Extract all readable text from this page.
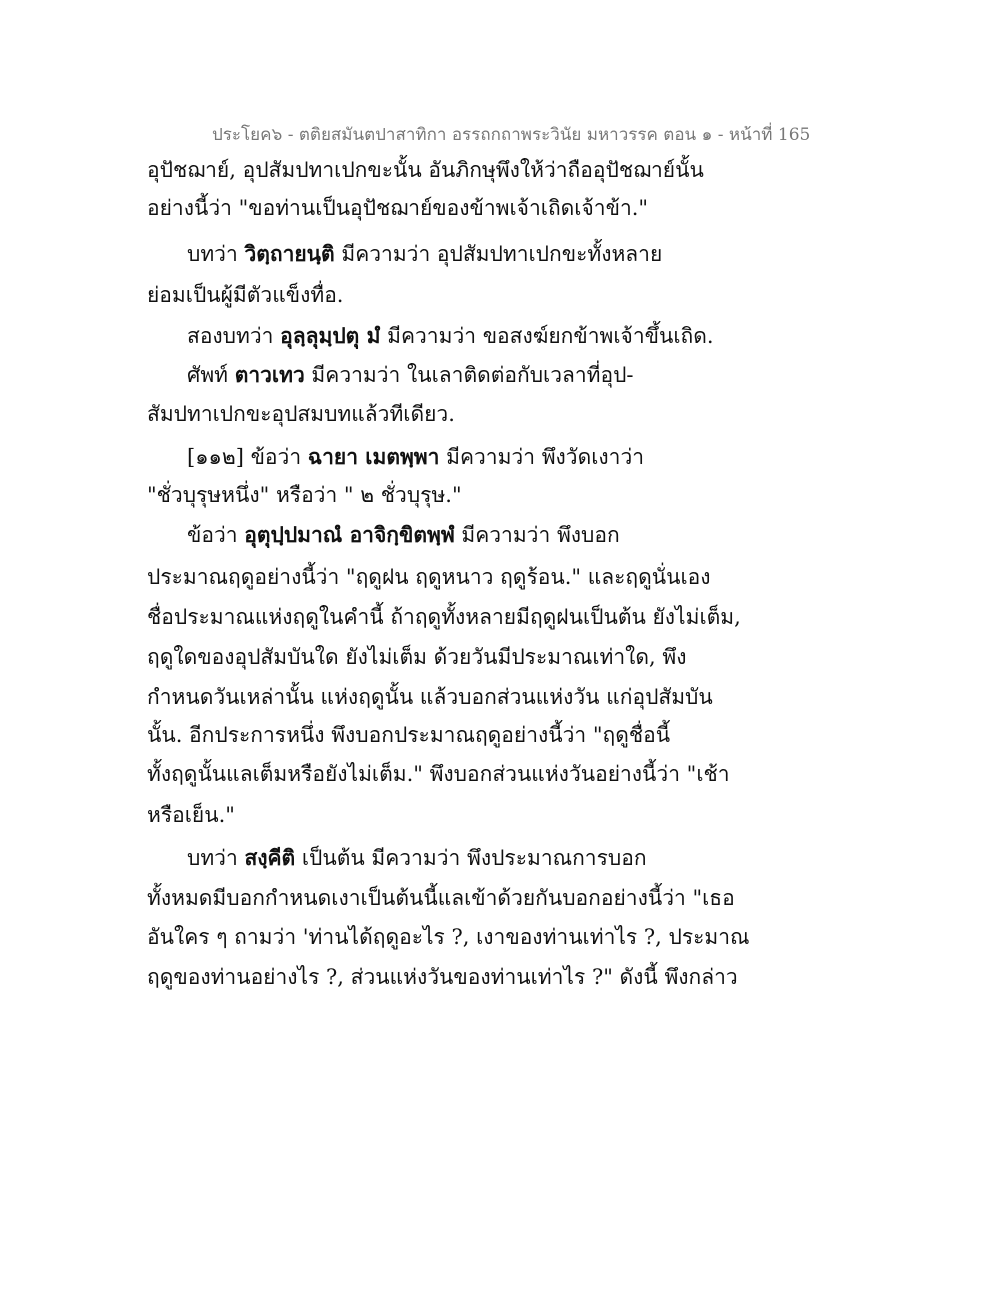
ประโยค๖ - ตติยสมันตปาสาทิกา อรรถกถาพระวินัย มหาวรรค ตอน ๑ - หน้าที่ 165
อุปัชฌาย์, อุปสัมปทาเปกขะนั้น อันภิกษุพึงให้ว่าถืออุปัชฌาย์นั้น
อย่างนี้ว่า "ขอท่านเป็นอุปัชฌาย์ของข้าพเจ้าเถิดเจ้าข้า."
บทว่า วิตฺถายนฺติ มีความว่า อุปสัมปทาเปกขะทั้งหลาย
ย่อมเป็นผู้มีตัวแข็งทื่อ.
สองบทว่า อุลฺลุมฺปตุ มํ มีความว่า ขอสงฆ์ยกข้าพเจ้าขึ้นเถิด.
ศัพท์ ตาวเทว มีความว่า ในเลาติดต่อกับเวลาที่อุป-
สัมปทาเปกขะอุปสมบทแล้วทีเดียว.
[๑๑๒] ข้อว่า ฉายา เมตพฺพา มีความว่า พึงวัดเงาว่า
"ชั่วบุรุษหนึ่ง" หรือว่า " ๒ ชั่วบุรุษ."
ข้อว่า อุตุปฺปมาณํ อาจิกฺขิตพฺพํ มีความว่า พึงบอก
ประมาณฤดูอย่างนี้ว่า "ฤดูฝน ฤดูหนาว ฤดูร้อน." และฤดูนั่นเอง
ชื่อประมาณแห่งฤดูในคำนี้ ถ้าฤดูทั้งหลายมีฤดูฝนเป็นต้น ยังไม่เต็ม,
ฤดูใดของอุปสัมบันใด ยังไม่เต็ม ด้วยวันมีประมาณเท่าใด, พึง
กำหนดวันเหล่านั้น แห่งฤดูนั้น แล้วบอกส่วนแห่งวัน แก่อุปสัมบัน
นั้น. อีกประการหนึ่ง พึงบอกประมาณฤดูอย่างนี้ว่า "ฤดูชื่อนี้
ทั้งฤดูนั้นแลเต็มหรือยังไม่เต็ม." พึงบอกส่วนแห่งวันอย่างนี้ว่า "เช้า
หรือเย็น."
บทว่า สงฺคีติ เป็นต้น มีความว่า พึงประมาณการบอก
ทั้งหมดมีบอกกำหนดเงาเป็นต้นนี้แลเข้าด้วยกันบอกอย่างนี้ว่า "เธอ
อันใคร ๆ ถามว่า 'ท่านได้ฤดูอะไร ?, เงาของท่านเท่าไร ?, ประมาณ
ฤดูของท่านอย่างไร ?, ส่วนแห่งวันของท่านเท่าไร ?" ดังนี้ พึงกล่าว
